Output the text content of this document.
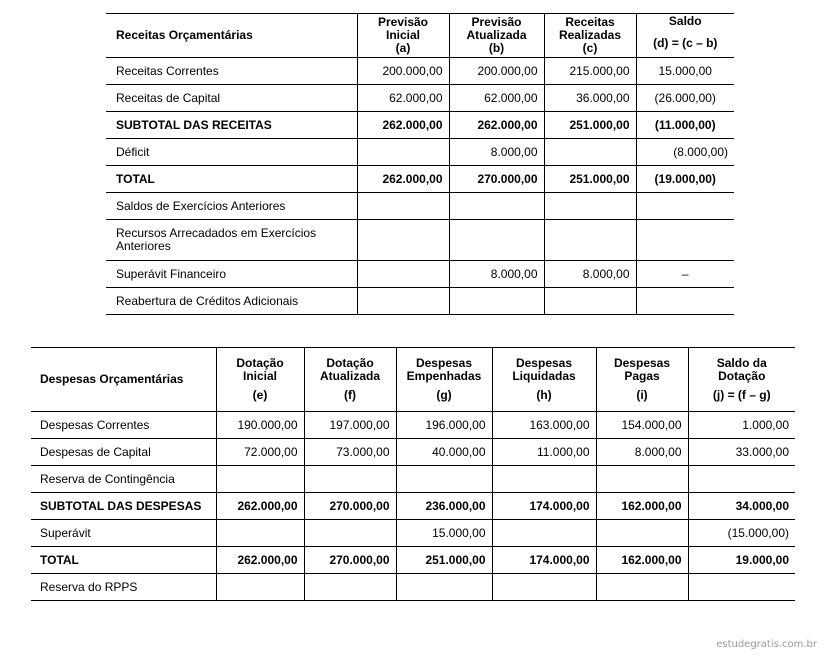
Receitas Orçamentárias	Previsão
Inicial
(a)	Previsão
Atualizada
(b)	Receitas
Realizadas
(c)	Saldo
(d) = (c – b)
Receitas Correntes	200.000,00	200.000,00	215.000,00	15.000,00
Receitas de Capital	62.000,00	62.000,00	36.000,00	(26.000,00)
SUBTOTAL DAS RECEITAS	262.000,00	262.000,00	251.000,00	(11.000,00)
Déficit		8.000,00		(8.000,00)
TOTAL	262.000,00	270.000,00	251.000,00	(19.000,00)
Saldos de Exercícios Anteriores				
Recursos Arrecadados em Exercícios Anteriores				
Superávit Financeiro		8.000,00	8.000,00	–
Reabertura de Créditos Adicionais				
Despesas Orçamentárias	Dotação
Inicial
(e)	Dotação
Atualizada
(f)	Despesas
Empenhadas
(g)	Despesas
Liquidadas
(h)	Despesas
Pagas
(i)	Saldo da
Dotação
(j) = (f – g)

Despesas Correntes	190.000,00	197.000,00	196.000,00	163.000,00	154.000,00	1.000,00
Despesas de Capital	72.000,00	73.000,00	40.000,00	11.000,00	8.000,00	33.000,00
Reserva de Contingência						
SUBTOTAL DAS DESPESAS	262.000,00	270.000,00	236.000,00	174.000,00	162.000,00	34.000,00
Superávit			15.000,00			(15.000,00)
TOTAL	262.000,00	270.000,00	251.000,00	174.000,00	162.000,00	19.000,00
Reserva do RPPS						
estudegratis.com.br
